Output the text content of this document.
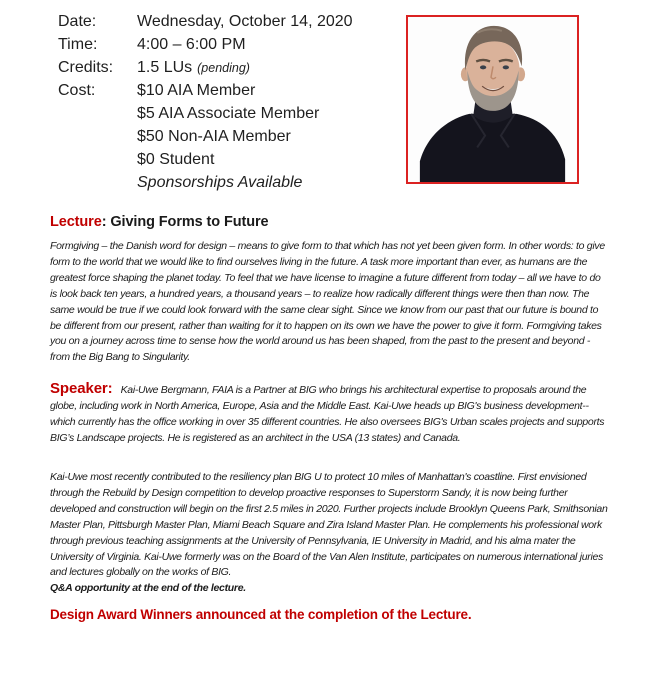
Date:	Wednesday, October 14, 2020
Time:	4:00 – 6:00 PM
Credits:	1.5 LUs (pending)
Cost:	$10 AIA Member
$5 AIA Associate Member
$50 Non-AIA Member
$0 Student
Sponsorships Available
Lecture: Giving Forms to Future
Formgiving – the Danish word for design – means to give form to that which has not yet been given form. In other words: to give form to the world that we would like to find ourselves living in the future. A task more important than ever, as humans are the greatest force shaping the planet today. To feel that we have license to imagine a future different from today – all we have to do is look back ten years, a hundred years, a thousand years – to realize how radically different things were then than now. The same would be true if we could look forward with the same clear sight. Since we know from our past that our future is bound to be different from our present, rather than waiting for it to happen on its own we have the power to give it form. Formgiving takes you on a journey across time to sense how the world around us has been shaped, from the past to the present and beyond - from the Big Bang to Singularity.
Speaker: Kai-Uwe Bergmann, FAIA is a Partner at BIG who brings his architectural expertise to proposals around the globe, including work in North America, Europe, Asia and the Middle East. Kai-Uwe heads up BIG's business development--which currently has the office working in over 35 different countries. He also oversees BIG's Urban scales projects and supports BIG’s Landscape projects. He is registered as an architect in the USA (13 states) and Canada.
Kai-Uwe most recently contributed to the resiliency plan BIG U to protect 10 miles of Manhattan's coastline. First envisioned through the Rebuild by Design competition to develop proactive responses to Superstorm Sandy, it is now being further developed and construction will begin on the first 2.5 miles in 2020. Further projects include Brooklyn Queens Park, Smithsonian Master Plan, Pittsburgh Master Plan, Miami Beach Square and Zira Island Master Plan. He complements his professional work through previous teaching assignments at the University of Pennsylvania, IE University in Madrid, and his alma mater the University of Virginia. Kai-Uwe formerly was on the Board of the Van Alen Institute, participates on numerous international juries and lectures globally on the works of BIG.
Q&A opportunity at the end of the lecture.
Design Award Winners announced at the completion of the Lecture.
